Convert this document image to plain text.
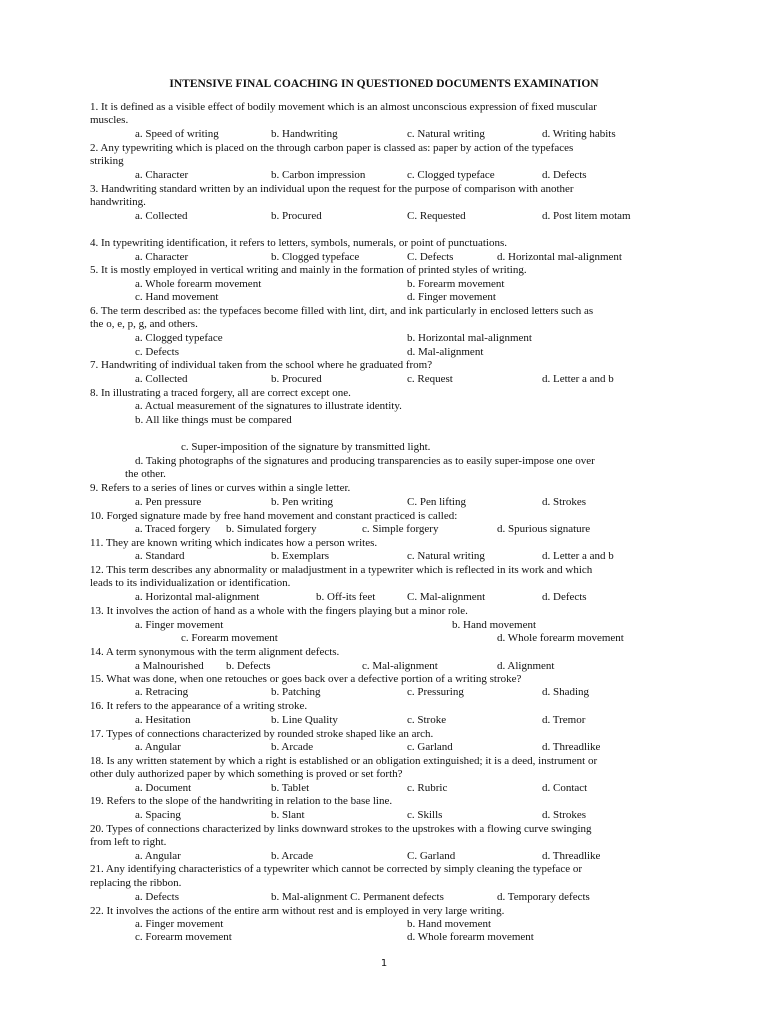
INTENSIVE FINAL COACHING IN QUESTIONED DOCUMENTS EXAMINATION
1. It is defined as a visible effect of bodily movement which is an almost unconscious expression of fixed muscular
muscles.
a. Speed of writing	b. Handwriting	c. Natural writing	d. Writing habits
2. Any typewriting which is placed on the through carbon paper is classed as: paper by action of the typefaces
striking
a. Character	b. Carbon impression	c. Clogged typeface	d. Defects
3. Handwriting standard written by an individual upon the request for the purpose of comparison with another
handwriting.
a. Collected	b. Procured	C. Requested	d. Post litem motam
4. In typewriting identification, it refers to letters, symbols, numerals, or point of punctuations.
a. Character	b. Clogged typeface	C. Defects	d. Horizontal mal-alignment
5. It is mostly employed in vertical writing and mainly in the formation of printed styles of writing.
a. Whole forearm movement	b. Forearm movement
c. Hand movement	d. Finger movement
6. The term described as: the typefaces become filled with lint, dirt, and ink particularly in enclosed letters such as
the o, e, p, g, and others.
a. Clogged typeface	b. Horizontal mal-alignment
c. Defects	d. Mal-alignment
7. Handwriting of individual taken from the school where he graduated from?
a. Collected	b. Procured	c. Request	d. Letter a and b
8. In illustrating a traced forgery, all are correct except one.
a. Actual measurement of the signatures to illustrate identity.
b. All like things must be compared
c. Super-imposition of the signature by transmitted light.
d. Taking photographs of the signatures and producing transparencies as to easily super-impose one over
the other.
9. Refers to a series of lines or curves within a single letter.
a. Pen pressure	b. Pen writing	C. Pen lifting	d. Strokes
10. Forged signature made by free hand movement and constant practiced is called:
a. Traced forgery b. Simulated forgery	c. Simple forgery	d. Spurious signature
11. They are known writing which indicates how a person writes.
a. Standard	b. Exemplars	c. Natural writing	d. Letter a and b
12. This term describes any abnormality or maladjustment in a typewriter which is reflected in its work and which
leads to its individualization or identification.
a. Horizontal mal-alignment	b. Off-its feet	C. Mal-alignment	d. Defects
13. It involves the action of hand as a whole with the fingers playing but a minor role.
a. Finger movement	b. Hand movement
c. Forearm movement	d. Whole forearm movement
14. A term synonymous with the term alignment defects.
a Malnourished b. Defects	c. Mal-alignment	d. Alignment
15. What was done, when one retouches or goes back over a defective portion of a writing stroke?
a. Retracing	b. Patching	c. Pressuring	d. Shading
16. It refers to the appearance of a writing stroke.
a. Hesitation	b. Line Quality	c. Stroke	d. Tremor
17. Types of connections characterized by rounded stroke shaped like an arch.
a. Angular	b. Arcade	c. Garland	d. Threadlike
18. Is any written statement by which a right is established or an obligation extinguished; it is a deed, instrument or
other duly authorized paper by which something is proved or set forth?
a. Document	b. Tablet	c. Rubric	d. Contact
19. Refers to the slope of the handwriting in relation to the base line.
a. Spacing	b. Slant	c. Skills	d. Strokes
20. Types of connections characterized by links downward strokes to the upstrokes with a flowing curve swinging
from left to right.
a. Angular	b. Arcade	C. Garland	d. Threadlike
21. Any identifying characteristics of a typewriter which cannot be corrected by simply cleaning the typeface or
replacing the ribbon.
a. Defects	b. Mal-alignment C. Permanent defects	d. Temporary defects
22. It involves the actions of the entire arm without rest and is employed in very large writing.
a. Finger movement	b. Hand movement
c. Forearm movement	d. Whole forearm movement
1
